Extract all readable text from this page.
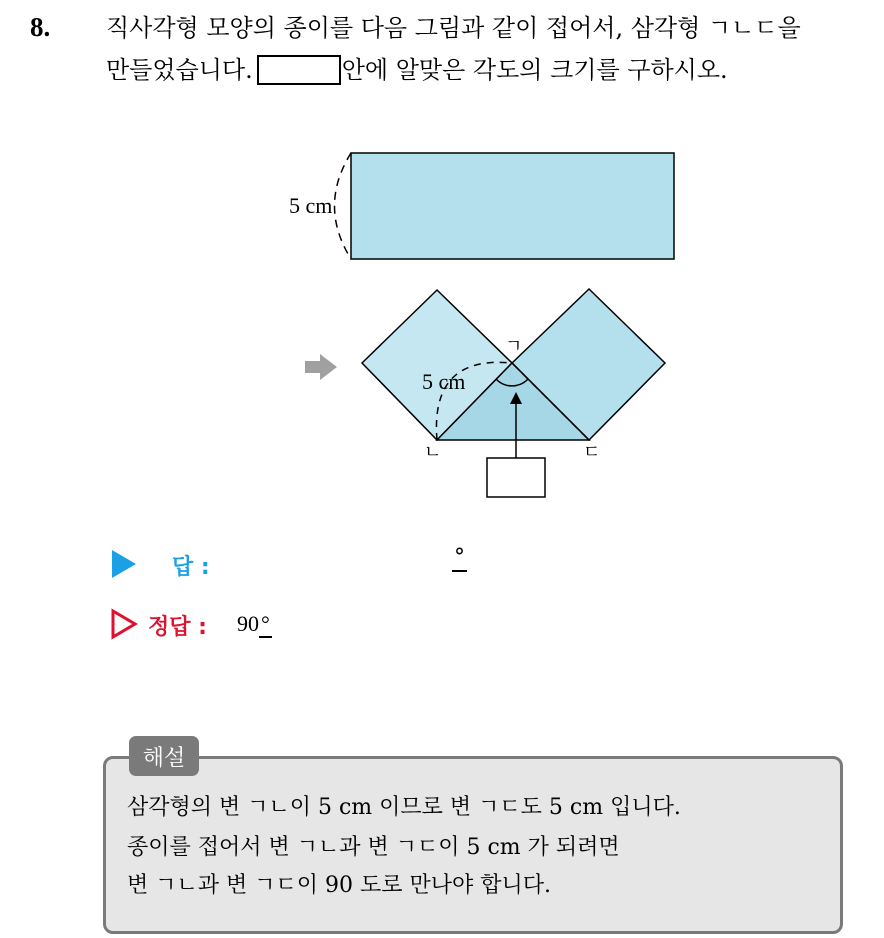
8. 직사각형 모양의 종이를 다음 그림과 같이 접어서, 삼각형 ㄱㄴㄷ을
만들었습니다.	안에 알맞은 각도의 크기를 구하시오.
5 cm
5 cm
ㄱ
ㄴ	ㄷ
답 :	°
정답 : 90°
해설
삼각형의 변 ㄱㄴ이 5 cm 이므로 변 ㄱㄷ도 5 cm 입니다.
종이를 접어서 변 ㄱㄴ과 변 ㄱㄷ이 5 cm 가 되려면
변 ㄱㄴ과 변 ㄱㄷ이 90 도로 만나야 합니다.
